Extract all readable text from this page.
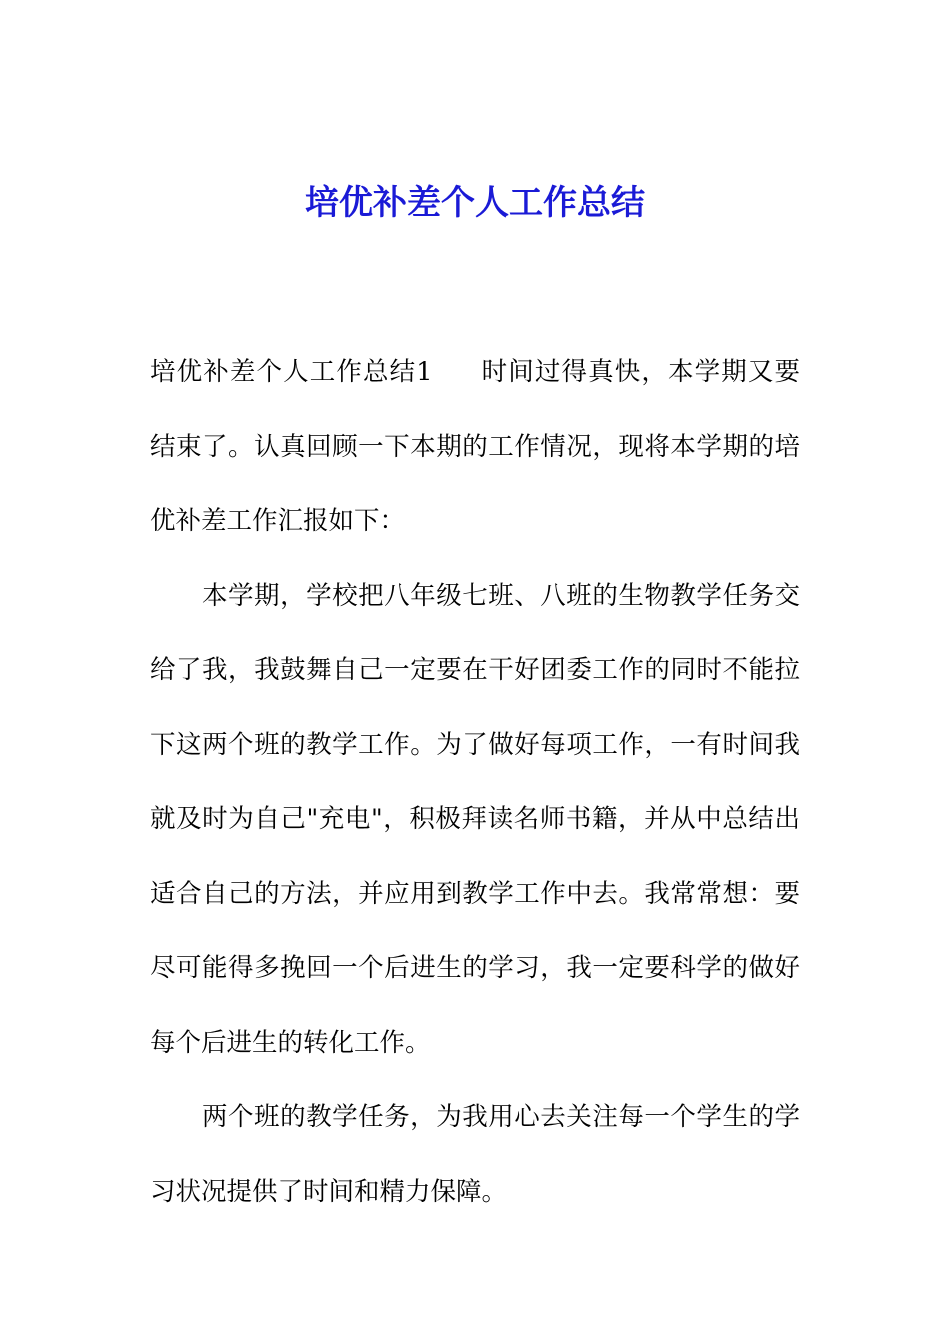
培优补差个人工作总结

培优补差个人工作总结1 时间过得真快，本学期又要结束了。认真回顾一下本期的工作情况，现将本学期的培优补差工作汇报如下：

本学期，学校把八年级七班、八班的生物教学任务交给了我，我鼓舞自己一定要在干好团委工作的同时不能拉下这两个班的教学工作。为了做好每项工作，一有时间我就及时为自己"充电"，积极拜读名师书籍，并从中总结出适合自己的方法，并应用到教学工作中去。我常常想：要尽可能得多挽回一个后进生的学习，我一定要科学的做好每个后进生的转化工作。

两个班的教学任务，为我用心去关注每一个学生的学习状况提供了时间和精力保障。
